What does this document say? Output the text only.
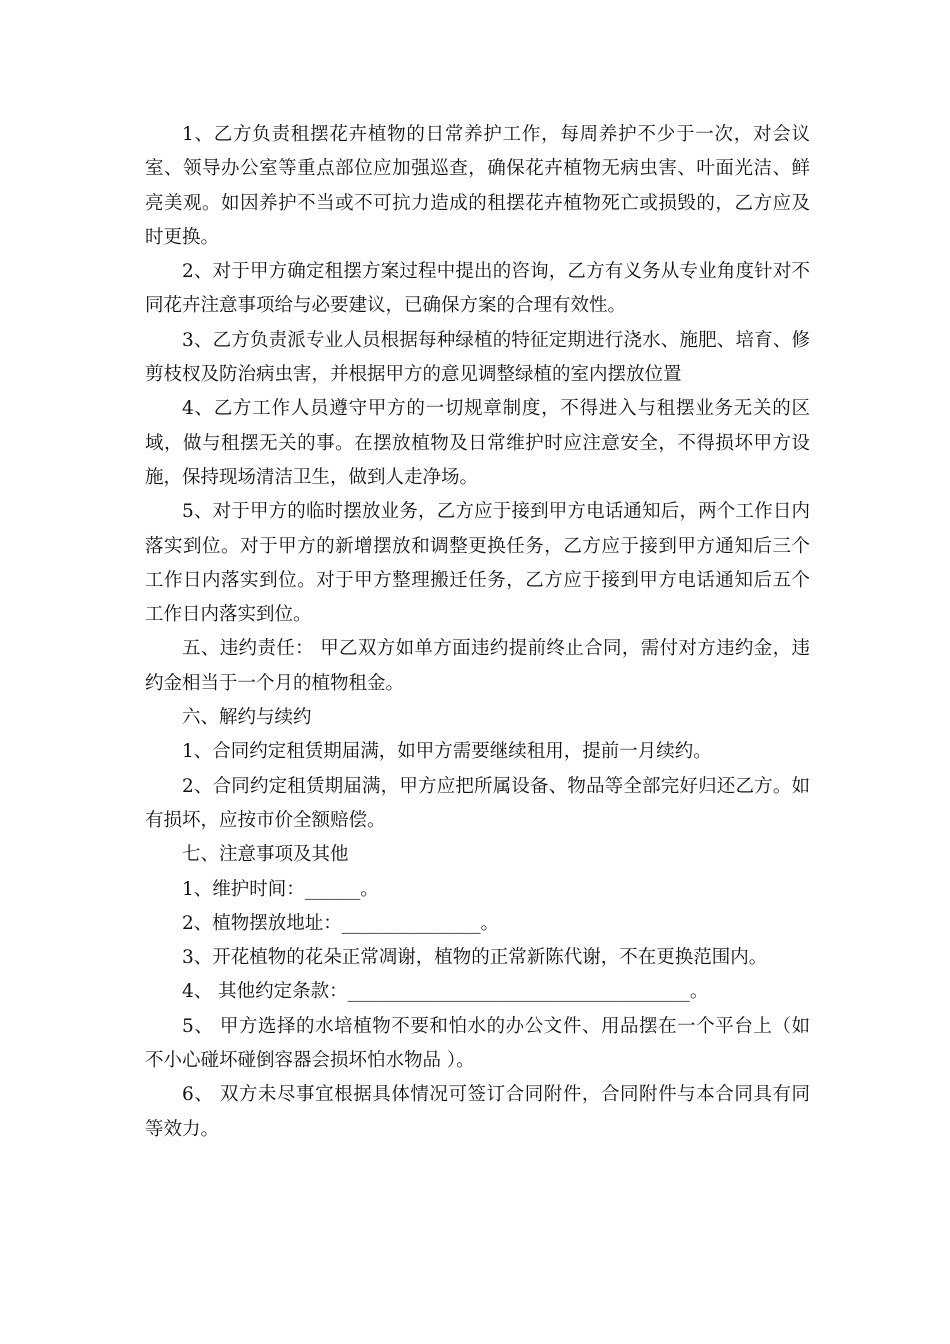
1、乙方负责租摆花卉植物的日常养护工作，每周养护不少于一次，对会议室、领导办公室等重点部位应加强巡查，确保花卉植物无病虫害、叶面光洁、鲜亮美观。如因养护不当或不可抗力造成的租摆花卉植物死亡或损毁的，乙方应及时更换。

2、对于甲方确定租摆方案过程中提出的咨询，乙方有义务从专业角度针对不同花卉注意事项给与必要建议，已确保方案的合理有效性。

3、乙方负责派专业人员根据每种绿植的特征定期进行浇水、施肥、培育、修剪枝杈及防治病虫害，并根据甲方的意见调整绿植的室内摆放位置

4、乙方工作人员遵守甲方的一切规章制度，不得进入与租摆业务无关的区域，做与租摆无关的事。在摆放植物及日常维护时应注意安全，不得损坏甲方设 施，保持现场清洁卫生，做到人走净场。

5、对于甲方的临时摆放业务，乙方应于接到甲方电话通知后，两个工作日内落实到位。对于甲方的新增摆放和调整更换任务，乙方应于接到甲方通知后三个工作日内落实到位。对于甲方整理搬迁任务，乙方应于接到甲方电话通知后五个工作日内落实到位。

五、违约责任： 甲乙双方如单方面违约提前终止合同，需付对方违约金，违约金相当于一个月的植物租金。

六、解约与续约

1、合同约定租赁期届满，如甲方需要继续租用，提前一月续约。

2、合同约定租赁期届满，甲方应把所属设备、物品等全部完好归还乙方。如有损坏，应按市价全额赔偿。

七、注意事项及其他

1、维护时间：______。

2、植物摆放地址：_______________。

3、开花植物的花朵正常凋谢，植物的正常新陈代谢，不在更换范围内。

4、 其他约定条款：_____________________________________。

5、 甲方选择的水培植物不要和怕水的办公文件、用品摆在一个平台上（如不小心碰坏碰倒容器会损坏怕水物品 ）。

6、 双方未尽事宜根据具体情况可签订合同附件，合同附件与本合同具有同等效力。
